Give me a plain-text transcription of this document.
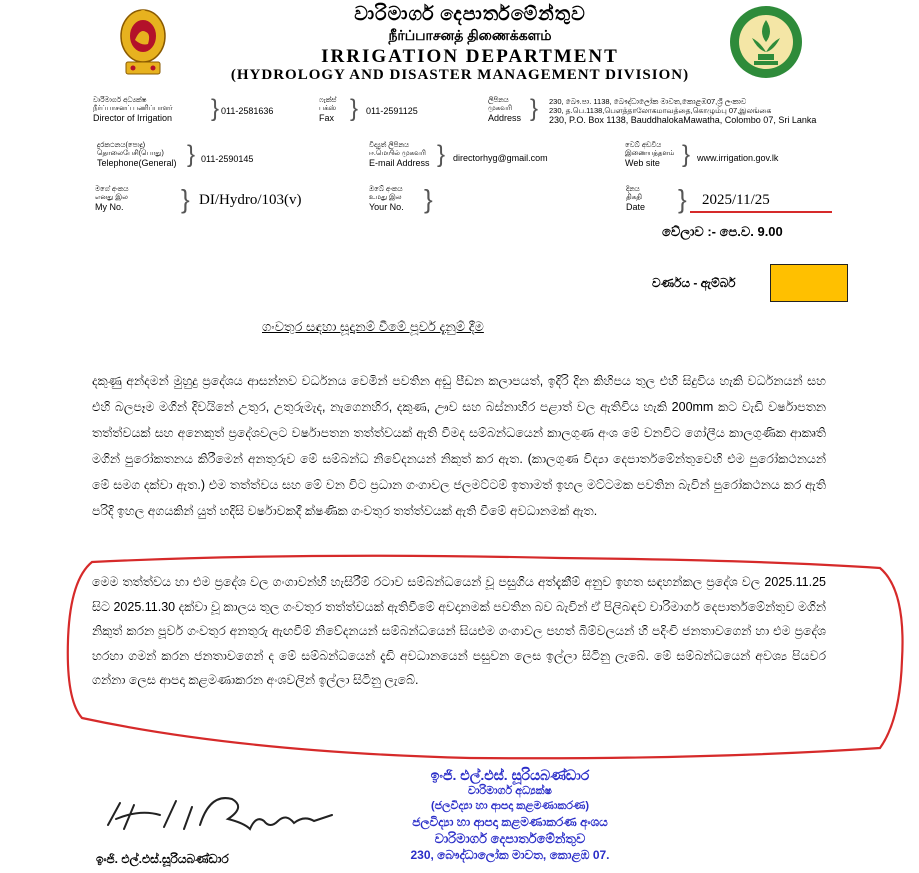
වාරිමාර්ග දෙපාර්තමේන්තුව
நீர்ப்பாசனத் திணைக்களம்
IRRIGATION DEPARTMENT
(HYDROLOGY AND DISASTER MANAGEMENT DIVISION)
වාරිමාර්ග අධ්‍යක්ෂ
நீர்ப்பாசனப் பணிப்பாளர்
Director of Irrigation } 011-2581636
ෆැක්ස්
பக்ஸ்
Fax } 011-2591125
ලිපිනය
முகவரி
Address } 230, බෞ.පා. 1138, බෞද්ධාලෝක මාවත,කොළඹ07,ශ්‍රී ලංකාව
230, த.பெ.1138,பௌத்தாலோகமாவத்தை,கொழும்பு 07,இலங்கை
230, P.O. Box 1138, BauddhalokaMawatha, Colombo 07, Sri Lanka
දුරකථනය(පොදු)
தொலைபேசி(பொது)
Telephone(General) } 011-2590145
විද්‍යුත් ලිපිනය
ஈ.மெயில் முகவரி
E-mail Address } directorhyg@gmail.com
වෙබ් අඩවිය
இணையத்தளம்
Web site } www.irrigation.gov.lk
මගේ අංකය
எனது இல
My No. } DI/Hydro/103(v)
ඔබේ අංකය
உமது இல
Your No. }	දිනය
திகதி
Date } 2025/11/25
වේලාව :- පෙ.ව. 9.00
වර්ණය - ඇම්බර්
ගංවතුර සඳහා සූදානම් වීමේ පූර්ව දැනුම් දීම
දකුණු අන්දමන් මුහුදු ප්‍රදේශය ආසන්නව වර්ධනය වෙමින් පවතින අඩු පීඩන කලාපයත්, ඉදිරි දින කිහිපය තුල එහි සිදුවිය හැකි වර්ධනයන් සහ එහි බලපෑම මගින් දිවයිනේ උතුර, උතුරුමැද, නැගෙනහිර, දකුණ, ඌව සහ බස්නාහිර පළාත් වල ඇතිවිය හැකි 200mm කට වැඩි වර්ෂාපතන තත්ත්වයක් සහ අනෙකුත් ප්‍රදේශවලට වර්ෂාපතන තත්ත්වයක් ඇති වීමද සම්බන්ධයෙන් කාලගුණ අංශ මේ වනවිට ගෝලීය කාලගුණික ආකෘති මගින් පුරෝකතනය කිරීමෙන් අනතුරුව මේ සම්බන්ධ නිවේදනයන් නිකුත් කර ඇත. (කාලගුණ විද්‍යා දෙපාර්තමේන්තුවෙහි එම පුරෝකථනයන් මේ සමග දක්වා ඇත.) එම තත්ත්වය සහ මේ වන විට ප්‍රධාන ගංගාවල ජලමට්ටම් ඉතාමත් ඉහල මට්ටමක පවතින බැවින් පුරෝකථනය කර ඇති පරිදි ඉහල අගයකින් යුත් හදිසි වර්ෂාවකදී ක්ෂණික ගංවතුර තත්ත්වයක් ඇති වීමේ අවධානමක් ඇත.
මෙම තත්ත්වය හා එම ප්‍රදේශ වල ගංගාවන්හි හැසිරීම් රටාව සම්බන්ධයෙන් වූ පසුගිය අත්දැකීම් අනුව ඉහත සඳහන්කල ප්‍රදේශ වල 2025.11.25 සිට 2025.11.30 දක්වා වූ කාලය තුල ගංවතුර තත්ත්වයක් ඇතිවීමේ අවදානමක් පවතින බව බැවින් ඒ පිලිබඳව වාරිමාර්ග දෙපාර්තමේන්තුව මගින් නිකුත් කරන පූර්ව ගංවතුර අනතුරු ඇඟවීම් නිවේදනයන් සම්බන්ධයෙන් සියළුම ගංගාවල පහත් බිම්වලයන් හි පදිංචි ජනතාවගෙන් හා එම ප්‍රදේශ හරහා ගමන් කරන ජනතාවගෙන් ද මේ සම්බන්ධයෙන් දැඩි අවධානයෙන් පසුවන ලෙස ඉල්ලා සිටිනු ලැබේ. මේ සම්බන්ධයෙන් අවශ්‍ය පියවර ගන්නා ලෙස ආපදා කළමණාකරන අංශවලින් ඉල්ලා සිටිනු ලැබේ.
ඉංජි. එල්.එස්. සූරියබණ්ඩාර
වාරිමාර්ග අධ්‍යක්ෂ
(ජලවිද්‍යා හා ආපදා කළමණාකරණ)
ජලවිද්‍යා හා ආපදා කළමණාකරණ අංශය
වාරිමාර්ග දෙපාර්තමේන්තුව
230, බෞද්ධාලෝක මාවත, කොළඹ 07.
ඉංජි. එල්.එස්.සූරියබණ්ඩාර
